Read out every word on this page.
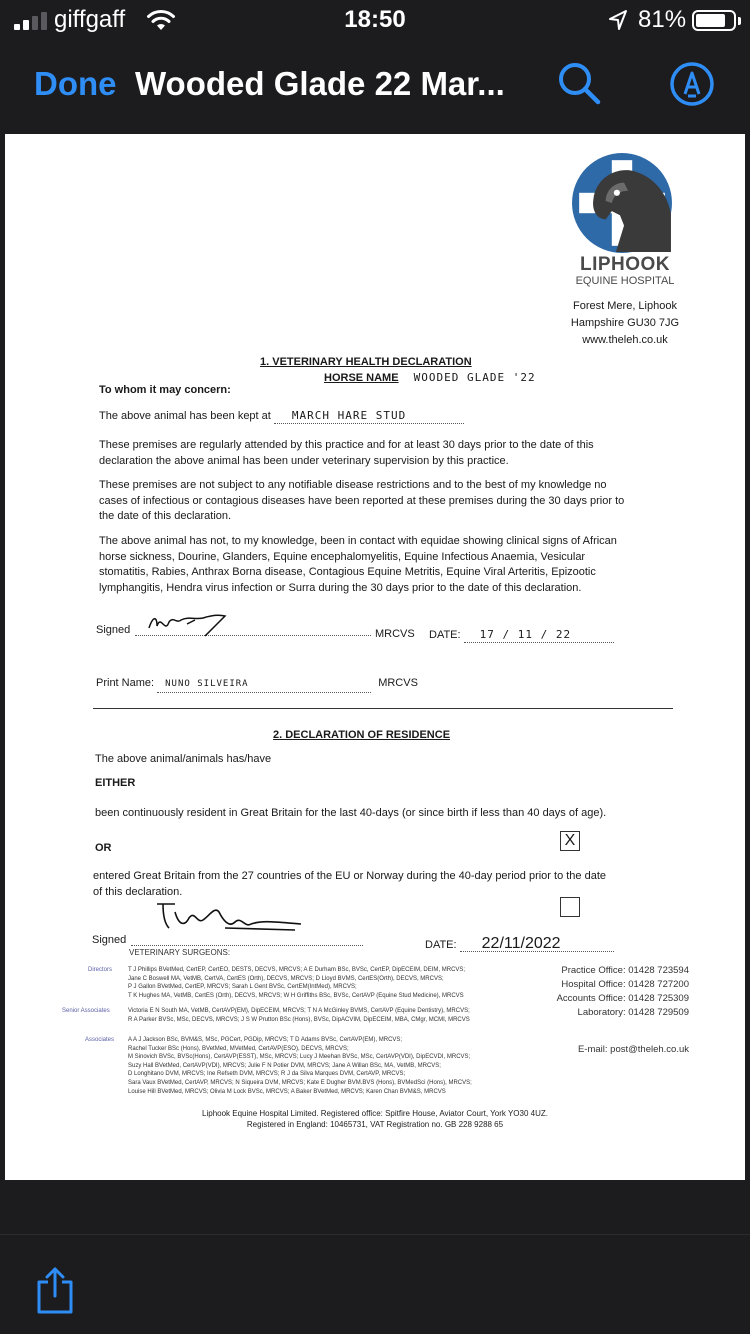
giffgaff	18:50	81%
Done Wooded Glade 22 Mar...
LIPHOOK
EQUINE HOSPITAL
Forest Mere, Liphook
Hampshire GU30 7JG
www.theleh.co.uk
1. VETERINARY HEALTH DECLARATION
HORSE NAME WOODED GLADE '22
To whom it may concern:
The above animal has been kept at MARCH HARE STUD
These premises are regularly attended by this practice and for at least 30 days prior to the date of this declaration the above animal has been under veterinary supervision by this practice.
These premises are not subject to any notifiable disease restrictions and to the best of my knowledge no cases of infectious or contagious diseases have been reported at these premises during the 30 days prior to the date of this declaration.
The above animal has not, to my knowledge, been in contact with equidae showing clinical signs of African horse sickness, Dourine, Glanders, Equine encephalomyelitis, Equine Infectious Anaemia, Vesicular stomatitis, Rabies, Anthrax Borna disease, Contagious Equine Metritis, Equine Viral Arteritis, Epizootic lymphangitis, Hendra virus infection or Surra during the 30 days prior to the date of this declaration.
Signed	MRCVS DATE: 17 / 11 / 22
Print Name: NUNO SILVEIRA	MRCVS
2. DECLARATION OF RESIDENCE
The above animal/animals has/have
EITHER
been continuously resident in Great Britain for the last 40-days (or since birth if less than 40 days of age).
X
OR
entered Great Britain from the 27 countries of the EU or Norway during the 40-day period prior to the date of this declaration.
Signed	DATE: 22/11/2022
VETERINARY SURGEONS:
Directors	T J Phillips BVetMed, CertEP, CertEO, DESTS, DECVS, MRCVS; A E Durham BSc, BVSc, CertEP, DipECEIM, DEIM, MRCVS;
Jane C Boswell MA, VetMB, CertVA, CertES (Orth), DECVS, MRCVS; D Lloyd BVMS, CertES(Orth), DECVS, MRCVS;
P J Gallon BVetMed, CertEP, MRCVS; Sarah L Gent BVSc, CertEM(IntMed), MRCVS;
T K Hughes MA, VetMB, CertES (Orth), DECVS, MRCVS; W H Griffiths BSc, BVSc, CertAVP (Equine Stud Medicine), MRCVS
Senior Associates	Victoria E N South MA, VetMB, CertAVP(EM), DipECEIM, MRCVS; T N A McGinley BVMS, CertAVP (Equine Dentistry), MRCVS;
R A Parker BVSc, MSc, DECVS, MRCVS; J S W Prutton BSc (Hons), BVSc, DipACVIM, DipECEIM, MBA, CMgr, MCMI, MRCVS
Associates A A J Jackson BSc, BVM&S, MSc, PGCert, PGDip, MRCVS; T D Adams BVSc, CertAVP(EM), MRCVS;
Rachel Tucker BSc (Hons), BVetMed, MVetMed, CertAVP(ESO), DECVS, MRCVS;
M Sinovich BVSc, BVSc(Hons), CertAVP(ESST), MSc, MRCVS; Lucy J Meehan BVSc, MSc, CertAVP(VDI), DipECVDI, MRCVS;
Suzy Hall BVetMed, CertAVP(VDI), MRCVS; Julie F N Potier DVM, MRCVS; Jane A Willan BSc, MA, VetMB, MRCVS;
D Longhitano DVM, MRCVS; Ine Refseth DVM, MRCVS; R J da Silva Marques DVM, CertAVP, MRCVS;
Sara Vaux BVetMed, CertAVP, MRCVS; N Siqueira DVM, MRCVS; Kate E Dugher BVM.BVS (Hons), BVMedSci (Hons), MRCVS;
Louise Hill BVetMed, MRCVS; Olivia M Lock BVSc, MRCVS; A Baker BVetMed, MRCVS; Karen Chan BVM&S, MRCVS
Practice Office: 01428 723594
Hospital Office: 01428 727200
Accounts Office: 01428 725309
Laboratory: 01428 729509
E-mail: post@theleh.co.uk
Liphook Equine Hospital Limited. Registered office: Spitfire House, Aviator Court, York YO30 4UZ.
Registered in England: 10465731, VAT Registration no. GB 228 9288 65
